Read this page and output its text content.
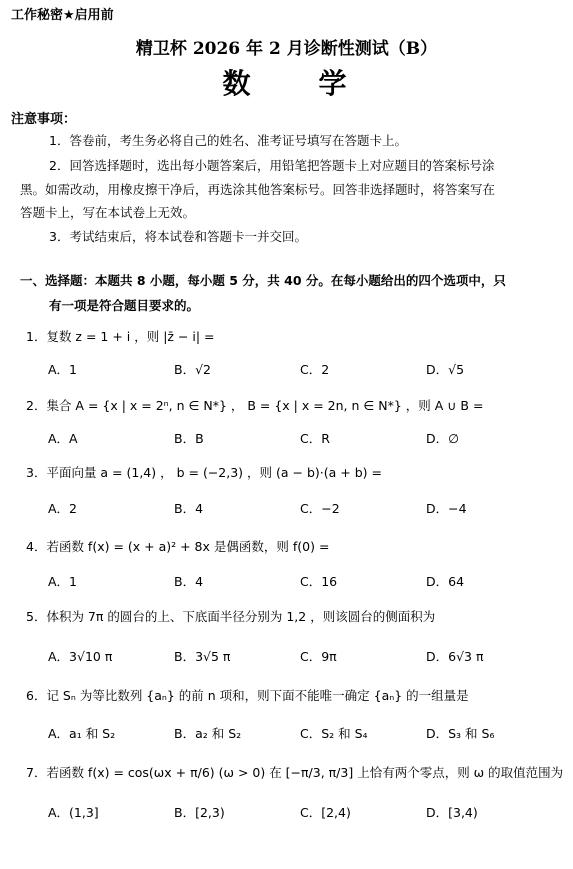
工作秘密★启用前
精卫杯 2026 年 2 月诊断性测试（B）
数　　学
注意事项：
1．答卷前，考生务必将自己的姓名、准考证号填写在答题卡上。
2．回答选择题时，选出每小题答案后，用铅笔把答题卡上对应题目的答案标号涂
黑。如需改动，用橡皮擦干净后，再选涂其他答案标号。回答非选择题时，将答案写在
答题卡上，写在本试卷上无效。
3．考试结束后，将本试卷和答题卡一并交回。
一、选择题：本题共 8 小题，每小题 5 分，共 40 分。在每小题给出的四个选项中，只
有一项是符合题目要求的。
1．复数 z = 1 + i ，则 |z̄ − i| =
2．集合 A = {x | x = 2ⁿ, n ∈ N*} ， B = {x | x = 2n, n ∈ N*} ，则 A ∪ B =
3．平面向量 a = (1,4) ， b = (−2,3) ，则 (a − b)·(a + b) =
4．若函数 f(x) = (x + a)² + 8x 是偶函数，则 f(0) =
5．体积为 7π 的圆台的上、下底面半径分别为 1,2 ，则该圆台的侧面积为
6．记 Sₙ 为等比数列 {aₙ} 的前 n 项和，则下面不能唯一确定 {aₙ} 的一组量是
7．若函数 f(x) = cos(ωx + π/6) (ω > 0) 在 [−π/3, π/3] 上恰有两个零点，则 ω 的取值范围为
A．1	B．√2	C．2	D．√5
A．A	B．B	C．R	D．∅
A．2	B．4	C．−2	D．−4
A．1	B．4	C．16	D．64
A．3√10 π	B．3√5 π	C．9π	D．6√3 π
A．a₁ 和 S₂	B．a₂ 和 S₂	C．S₂ 和 S₄	D．S₃ 和 S₆
A．(1,3]	B．[2,3)	C．[2,4)	D．[3,4)
